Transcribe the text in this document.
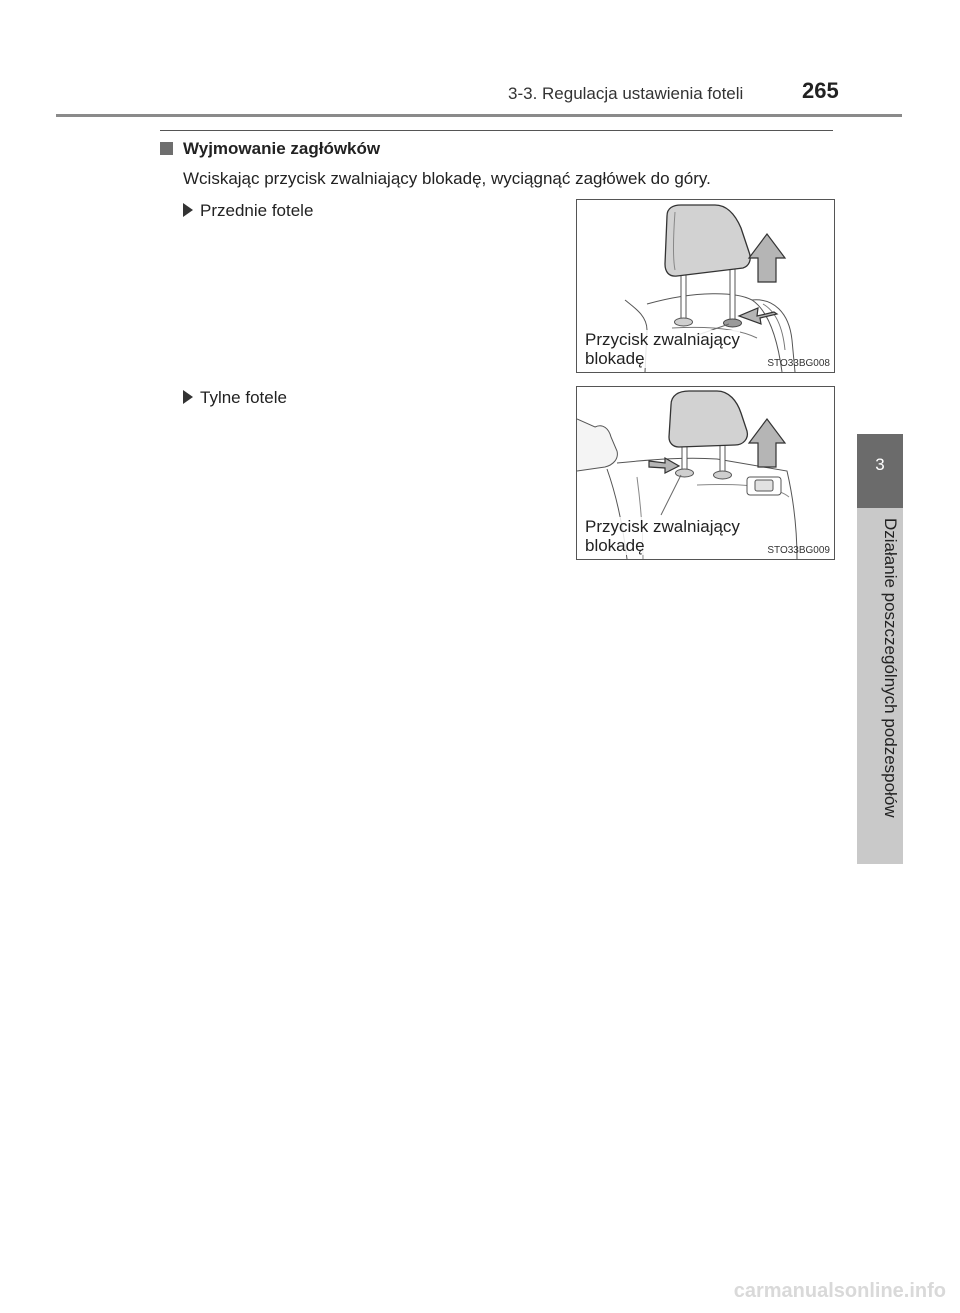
3-3. Regulacja ustawienia foteli	265
Wyjmowanie zagłówków
Wciskając przycisk zwalniający blokadę, wyciągnąć zagłówek do góry.
Przednie fotele
Przycisk zwalniający
blokadę	STO33BG008
Tylne fotele
Przycisk zwalniający
blokadę	STO33BG009
3
Działanie poszczególnych podzespołów
carmanualsonline.info
